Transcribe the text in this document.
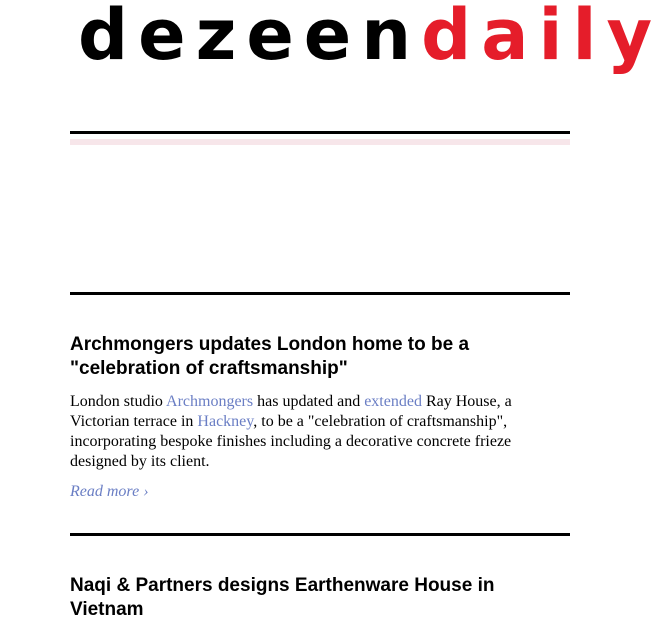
dezeendaily
Archmongers updates London home to be a "celebration of craftsmanship"

London studio Archmongers has updated and extended Ray House, a Victorian terrace in Hackney, to be a "celebration of craftsmanship", incorporating bespoke finishes including a decorative concrete frieze designed by its client.

Read more ›
Naqi & Partners designs Earthenware House in Vietnam
